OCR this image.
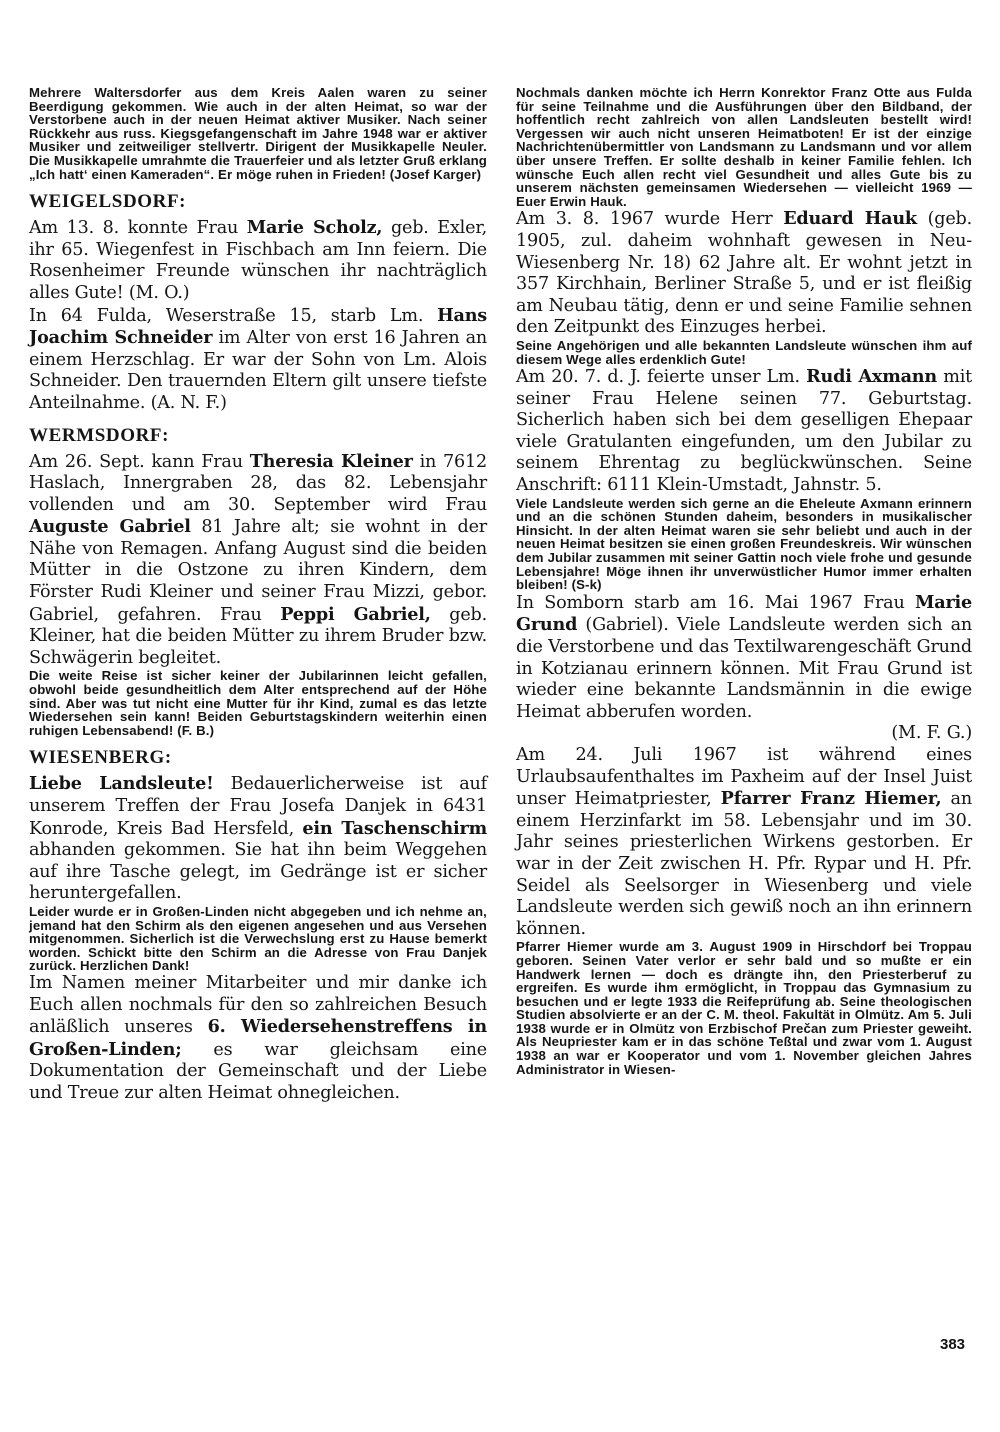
Mehrere Waltersdorfer aus dem Kreis Aalen waren zu seiner Beerdigung gekommen. Wie auch in der alten Heimat, so war der Verstorbene auch in der neuen Heimat aktiver Musiker. Nach seiner Rückkehr aus russ. Kiegsgefangenschaft im Jahre 1948 war er aktiver Musiker und zeitweiliger stellvertr. Dirigent der Musikkapelle Neuler. Die Musikkapelle umrahmte die Trauerfeier und als letzter Gruß erklang „Ich hatt‘ einen Kameraden“. Er möge ruhen in Frieden! (Josef Karger)

WEIGELSDORF:

Am 13. 8. konnte Frau Marie Scholz, geb. Exler, ihr 65. Wiegenfest in Fischbach am Inn feiern. Die Rosenheimer Freunde wünschen ihr nachträglich alles Gute! (M. O.)

In 64 Fulda, Weserstraße 15, starb Lm. Hans Joachim Schneider im Alter von erst 16 Jahren an einem Herzschlag. Er war der Sohn von Lm. Alois Schneider. Den trauernden Eltern gilt unsere tiefste Anteilnahme. (A. N. F.)

WERMSDORF:

Am 26. Sept. kann Frau Theresia Kleiner in 7612 Haslach, Innergraben 28, das 82. Lebensjahr vollenden und am 30. September wird Frau Auguste Gabriel 81 Jahre alt; sie wohnt in der Nähe von Remagen. Anfang August sind die beiden Mütter in die Ostzone zu ihren Kindern, dem Förster Rudi Kleiner und seiner Frau Mizzi, gebor. Gabriel, gefahren. Frau Peppi Gabriel, geb. Kleiner, hat die beiden Mütter zu ihrem Bruder bzw. Schwägerin begleitet.

Die weite Reise ist sicher keiner der Jubilarinnen leicht gefallen, obwohl beide gesundheitlich dem Alter entsprechend auf der Höhe sind. Aber was tut nicht eine Mutter für ihr Kind, zumal es das letzte Wiedersehen sein kann! Beiden Geburtstagskindern weiterhin einen ruhigen Lebensabend! (F. B.)

WIESENBERG:

Liebe Landsleute! Bedauerlicherweise ist auf unserem Treffen der Frau Josefa Danjek in 6431 Konrode, Kreis Bad Hersfeld, ein Taschenschirm abhanden gekommen. Sie hat ihn beim Weggehen auf ihre Tasche gelegt, im Gedränge ist er sicher heruntergefallen.

Leider wurde er in Großen-Linden nicht abgegeben und ich nehme an, jemand hat den Schirm als den eigenen angesehen und aus Versehen mitgenommen. Sicherlich ist die Verwechslung erst zu Hause bemerkt worden. Schickt bitte den Schirm an die Adresse von Frau Danjek zurück. Herzlichen Dank!

Im Namen meiner Mitarbeiter und mir danke ich Euch allen nochmals für den so zahlreichen Besuch anläßlich unseres 6. Wiedersehenstreffens in Großen-Linden; es war gleichsam eine Dokumentation der Gemeinschaft und der Liebe und Treue zur alten Heimat ohnegleichen.

Nochmals danken möchte ich Herrn Konrektor Franz Otte aus Fulda für seine Teilnahme und die Ausführungen über den Bildband, der hoffentlich recht zahlreich von allen Landsleuten bestellt wird! Vergessen wir auch nicht unseren Heimatboten! Er ist der einzige Nachrichtenübermittler von Landsmann zu Landsmann und vor allem über unsere Treffen. Er sollte deshalb in keiner Familie fehlen. Ich wünsche Euch allen recht viel Gesundheit und alles Gute bis zu unserem nächsten gemeinsamen Wiedersehen — vielleicht 1969 — Euer Erwin Hauk.

Am 3. 8. 1967 wurde Herr Eduard Hauk (geb. 1905, zul. daheim wohnhaft gewesen in Neu-Wiesenberg Nr. 18) 62 Jahre alt. Er wohnt jetzt in 357 Kirchhain, Berliner Straße 5, und er ist fleißig am Neubau tätig, denn er und seine Familie sehnen den Zeitpunkt des Einzuges herbei.

Seine Angehörigen und alle bekannten Landsleute wünschen ihm auf diesem Wege alles erdenklich Gute!

Am 20. 7. d. J. feierte unser Lm. Rudi Axmann mit seiner Frau Helene seinen 77. Geburtstag. Sicherlich haben sich bei dem geselligen Ehepaar viele Gratulanten eingefunden, um den Jubilar zu seinem Ehrentag zu beglückwünschen. Seine Anschrift: 6111 Klein-Umstadt, Jahnstr. 5.

Viele Landsleute werden sich gerne an die Eheleute Axmann erinnern und an die schönen Stunden daheim, besonders in musikalischer Hinsicht. In der alten Heimat waren sie sehr beliebt und auch in der neuen Heimat besitzen sie einen großen Freundeskreis. Wir wünschen dem Jubilar zusammen mit seiner Gattin noch viele frohe und gesunde Lebensjahre! Möge ihnen ihr unverwüstlicher Humor immer erhalten bleiben! (S-k)

In Somborn starb am 16. Mai 1967 Frau Marie Grund (Gabriel). Viele Landsleute werden sich an die Verstorbene und das Textilwarengeschäft Grund in Kotzianau erinnern können. Mit Frau Grund ist wieder eine bekannte Landsmännin in die ewige Heimat abberufen worden.

(M. F. G.)

Am 24. Juli 1967 ist während eines Urlaubsaufenthaltes im Paxheim auf der Insel Juist unser Heimatpriester, Pfarrer Franz Hiemer, an einem Herzinfarkt im 58. Lebensjahr und im 30. Jahr seines priesterlichen Wirkens gestorben. Er war in der Zeit zwischen H. Pfr. Rypar und H. Pfr. Seidel als Seelsorger in Wiesenberg und viele Landsleute werden sich gewiß noch an ihn erinnern können.

Pfarrer Hiemer wurde am 3. August 1909 in Hirschdorf bei Troppau geboren. Seinen Vater verlor er sehr bald und so mußte er ein Handwerk lernen — doch es drängte ihn, den Priesterberuf zu ergreifen. Es wurde ihm ermöglicht, in Troppau das Gymnasium zu besuchen und er legte 1933 die Reifeprüfung ab. Seine theologischen Studien absolvierte er an der C. M. theol. Fakultät in Olmütz. Am 5. Juli 1938 wurde er in Olmütz von Erzbischof Prečan zum Priester geweiht. Als Neupriester kam er in das schöne Teßtal und zwar vom 1. August 1938 an war er Kooperator und vom 1. November gleichen Jahres Administrator in Wiesen-

383
